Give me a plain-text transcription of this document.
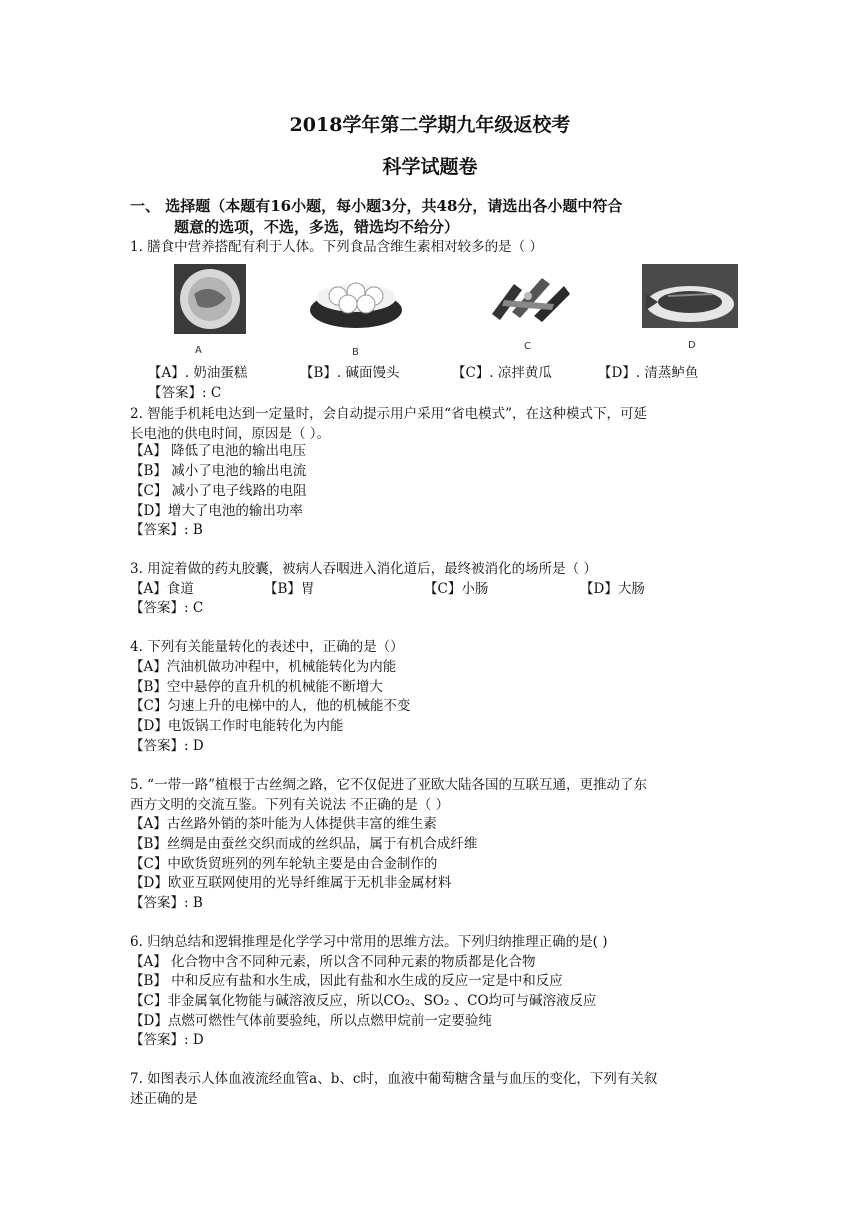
2018学年第二学期九年级返校考
科学试题卷
一、 选择题（本题有16小题，每小题3分，共48分，请选出各小题中符合
题意的选项，不选，多选，错选均不给分）
1. 膳食中营养搭配有利于人体。下列食品含维生素相对较多的是（ ）
A	B
C	D
【A】. 奶油蛋糕	【B】. 碱面馒头	【C】. 凉拌黄瓜	【D】. 清蒸鲈鱼
【答案】: C
2. 智能手机耗电达到一定量时，会自动提示用户采用“省电模式”，在这种模式下，可延
长电池的供电时间，原因是（ ）。
【A】 降低了电池的输出电压
【B】 减小了电池的输出电流
【C】 减小了电子线路的电阻
【D】增大了电池的输出功率
【答案】: B
3. 用淀着做的药丸胶囊，被病人吞咽进入消化道后，最终被消化的场所是（ ）
【A】食道	【B】胃	【C】小肠	【D】大肠
【答案】: C
4. 下列有关能量转化的表述中，正确的是（）
【A】汽油机做功冲程中，机械能转化为内能
【B】空中悬停的直升机的机械能不断增大
【C】匀速上升的电梯中的人，他的机械能不变
【D】电饭锅工作时电能转化为内能
【答案】: D
5. “一带一路”植根于古丝绸之路，它不仅促进了亚欧大陆各国的互联互通，更推动了东
西方文明的交流互鉴。下列有关说法 不正确的是（ ）
【A】古丝路外销的茶叶能为人体提供丰富的维生素
【B】丝绸是由蚕丝交织而成的丝织品，属于有机合成纤维
【C】中欧货贸班列的列车轮轨主要是由合金制作的
【D】欧亚互联网使用的光导纤维属于无机非金属材料
【答案】: B
6. 归纳总结和逻辑推理是化学学习中常用的思维方法。下列归纳推理正确的是( )
【A】 化合物中含不同种元素，所以含不同种元素的物质都是化合物
【B】 中和反应有盐和水生成，因此有盐和水生成的反应一定是中和反应
【C】非金属氧化物能与碱溶液反应，所以CO₂、SO₂ 、CO均可与碱溶液反应
【D】点燃可燃性气体前要验纯，所以点燃甲烷前一定要验纯
【答案】: D
7. 如图表示人体血液流经血管a、b、c时，血液中葡萄糖含量与血压的变化，下列有关叙
述正确的是
